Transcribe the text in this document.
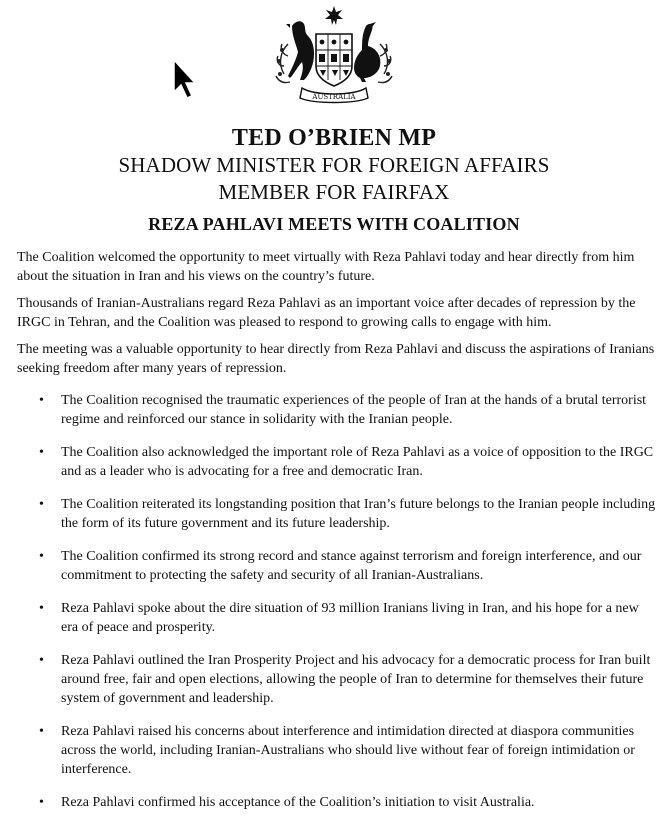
AUSTRALIA
TED O’BRIEN MP
SHADOW MINISTER FOR FOREIGN AFFAIRS
MEMBER FOR FAIRFAX
REZA PAHLAVI MEETS WITH COALITION

The Coalition welcomed the opportunity to meet virtually with Reza Pahlavi today and hear directly from him about the situation in Iran and his views on the country’s future.

Thousands of Iranian-Australians regard Reza Pahlavi as an important voice after decades of repression by the IRGC in Tehran, and the Coalition was pleased to respond to growing calls to engage with him.

The meeting was a valuable opportunity to hear directly from Reza Pahlavi and discuss the aspirations of Iranians seeking freedom after many years of repression.

• The Coalition recognised the traumatic experiences of the people of Iran at the hands of a brutal terrorist regime and reinforced our stance in solidarity with the Iranian people.
• The Coalition also acknowledged the important role of Reza Pahlavi as a voice of opposition to the IRGC and as a leader who is advocating for a free and democratic Iran.
• The Coalition reiterated its longstanding position that Iran’s future belongs to the Iranian people including the form of its future government and its future leadership.
• The Coalition confirmed its strong record and stance against terrorism and foreign interference, and our commitment to protecting the safety and security of all Iranian-Australians.
• Reza Pahlavi spoke about the dire situation of 93 million Iranians living in Iran, and his hope for a new era of peace and prosperity.
• Reza Pahlavi outlined the Iran Prosperity Project and his advocacy for a democratic process for Iran built around free, fair and open elections, allowing the people of Iran to determine for themselves their future system of government and leadership.
• Reza Pahlavi raised his concerns about interference and intimidation directed at diaspora communities across the world, including Iranian-Australians who should live without fear of foreign intimidation or interference.
• Reza Pahlavi confirmed his acceptance of the Coalition’s initiation to visit Australia.
